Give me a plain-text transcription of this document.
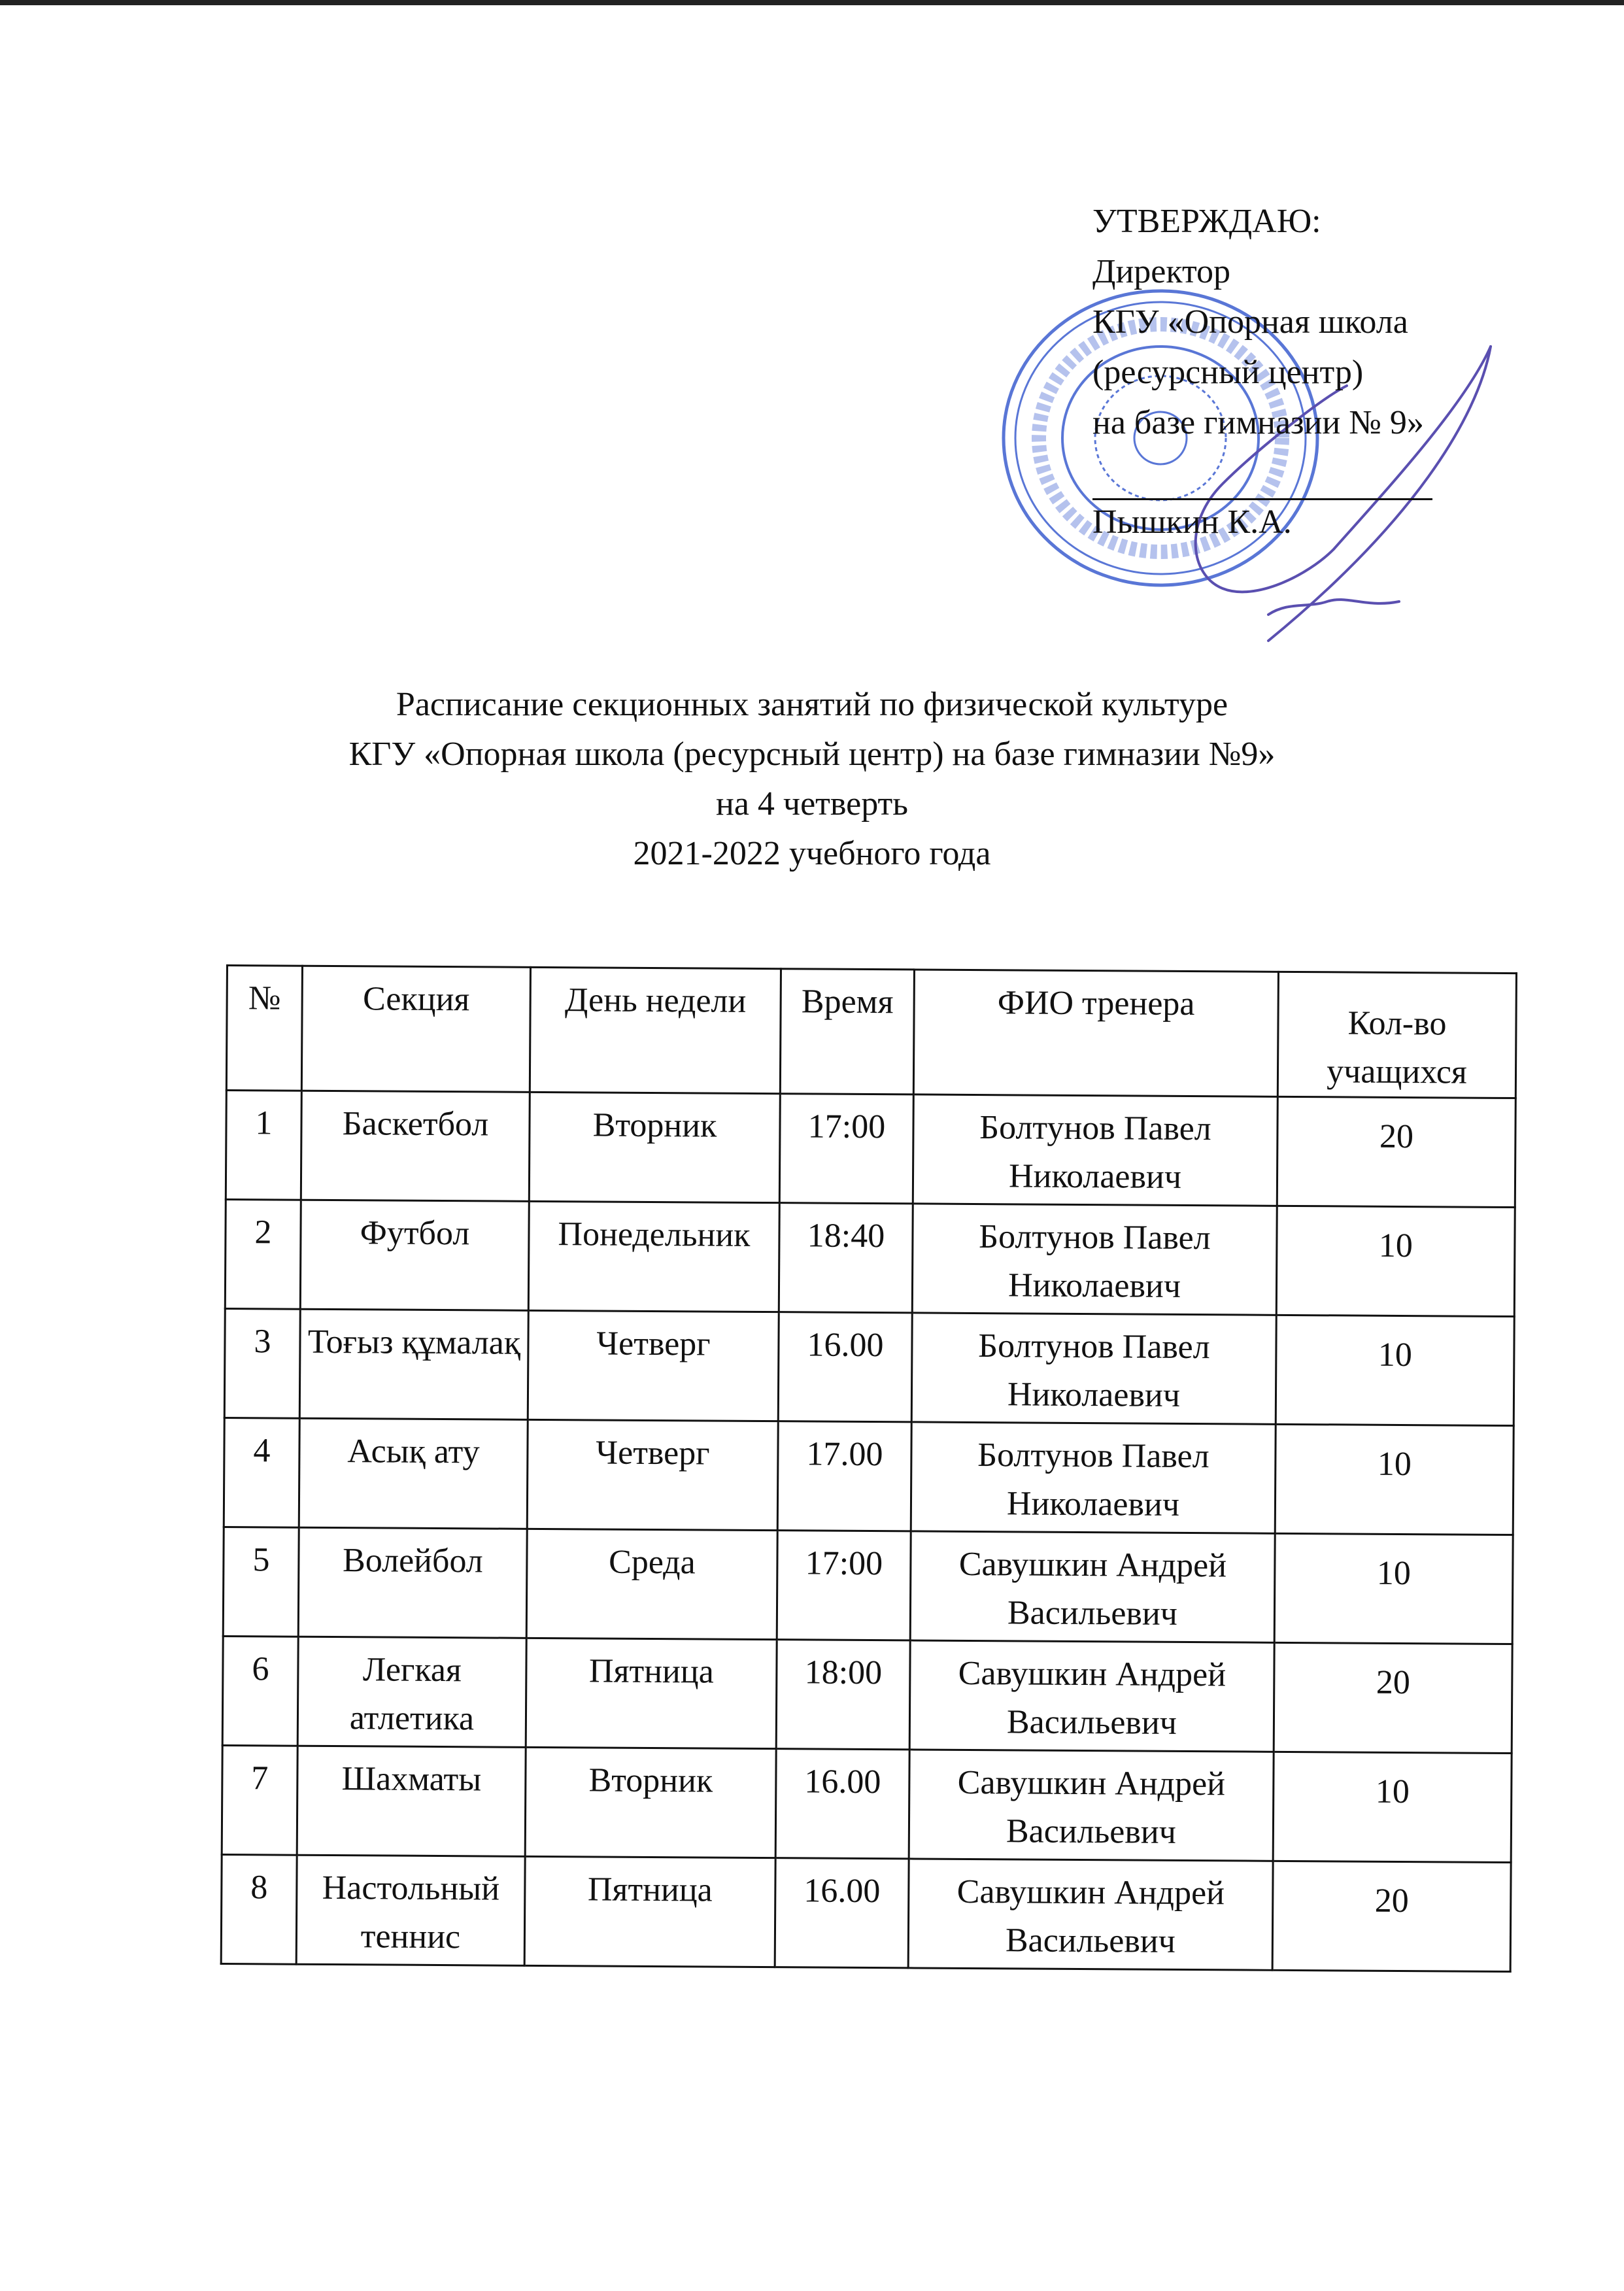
УТВЕРЖДАЮ:
Директор
КГУ «Опорная школа
(ресурсный центр)
на базе гимназии № 9»
Пышкин К.А.
Расписание секционных занятий по физической культуре
КГУ «Опорная школа (ресурсный центр) на базе гимназии №9»
на 4 четверть
2021-2022 учебного года
№	Секция	День недели	Время	ФИО тренера	Кол-во учащихся
1	Баскетбол	Вторник	17:00	Болтунов Павел Николаевич	20
2	Футбол	Понедельник	18:40	Болтунов Павел Николаевич	10
3	Тоғыз құмалақ	Четверг	16.00	Болтунов Павел Николаевич	10
4	Асық ату	Четверг	17.00	Болтунов Павел Николаевич	10
5	Волейбол	Среда	17:00	Савушкин Андрей Васильевич	10
6	Легкая атлетика	Пятница	18:00	Савушкин Андрей Васильевич	20
7	Шахматы	Вторник	16.00	Савушкин Андрей Васильевич	10
8	Настольный теннис	Пятница	16.00	Савушкин Андрей Васильевич	20
